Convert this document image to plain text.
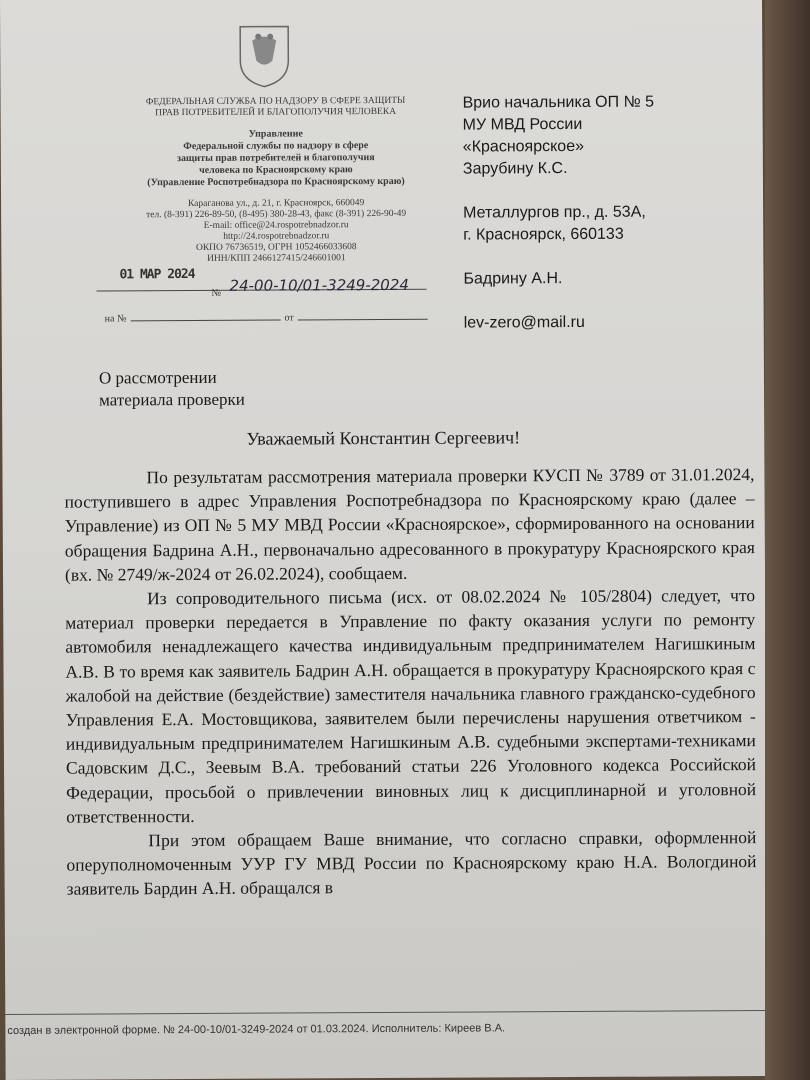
ФЕДЕРАЛЬНАЯ СЛУЖБА ПО НАДЗОРУ В СФЕРЕ ЗАЩИТЫ
ПРАВ ПОТРЕБИТЕЛЕЙ И БЛАГОПОЛУЧИЯ ЧЕЛОВЕКА
Управление
Федеральной службы по надзору в сфере
защиты прав потребителей и благополучия
человека по Красноярскому краю
(Управление Роспотребнадзора по Красноярскому краю)
Караганова ул., д. 21, г. Красноярск, 660049
тел. (8-391) 226-89-50, (8-495) 380-28-43, факс (8-391) 226-90-49
E-mail: office@24.rospotrebnadzor.ru
http://24.rospotrebnadzor.ru
ОКПО 76736519, ОГРН 1052466033608
ИНН/КПП 2466127415/246601001
01 МАР 2024
№ 24-00-10/01-3249-2024
на №	от
Врио начальника ОП № 5
МУ МВД России
«Красноярское»
Зарубину К.С.
Металлургов пр., д. 53А,
г. Красноярск, 660133
Бадрину А.Н.
lev-zero@mail.ru
О рассмотрении
материала проверки
Уважаемый Константин Сергеевич!

По результатам рассмотрения материала проверки КУСП № 3789 от 31.01.2024, поступившего в адрес Управления Роспотребнадзора по Красноярскому краю (далее – Управление) из ОП № 5 МУ МВД России «Красноярское», сформированного на основании обращения Бадрина А.Н., первоначально адресованного в прокуратуру Красноярского края (вх. № 2749/ж-2024 от 26.02.2024), сообщаем.

Из сопроводительного письма (исх. от 08.02.2024 № 105/2804) следует, что материал проверки передается в Управление по факту оказания услуги по ремонту автомобиля ненадлежащего качества индивидуальным предпринимателем Нагишкиным А.В. В то время как заявитель Бадрин А.Н. обращается в прокуратуру Красноярского края с жалобой на действие (бездействие) заместителя начальника главного гражданско-судебного Управления Е.А. Мостовщикова, заявителем были перечислены нарушения ответчиком - индивидуальным предпринимателем Нагишкиным А.В. судебными экспертами-техниками Садовским Д.С., Зеевым В.А. требований статьи 226 Уголовного кодекса Российской Федерации, просьбой о привлечении виновных лиц к дисциплинарной и уголовной ответственности.

При этом обращаем Ваше внимание, что согласно справки, оформленной оперуполномоченным УУР ГУ МВД России по Красноярскому краю Н.А. Вологдиной заявитель Бардин А.Н. обращался в

создан в электронной форме. № 24-00-10/01-3249-2024 от 01.03.2024. Исполнитель: Киреев В.А.
